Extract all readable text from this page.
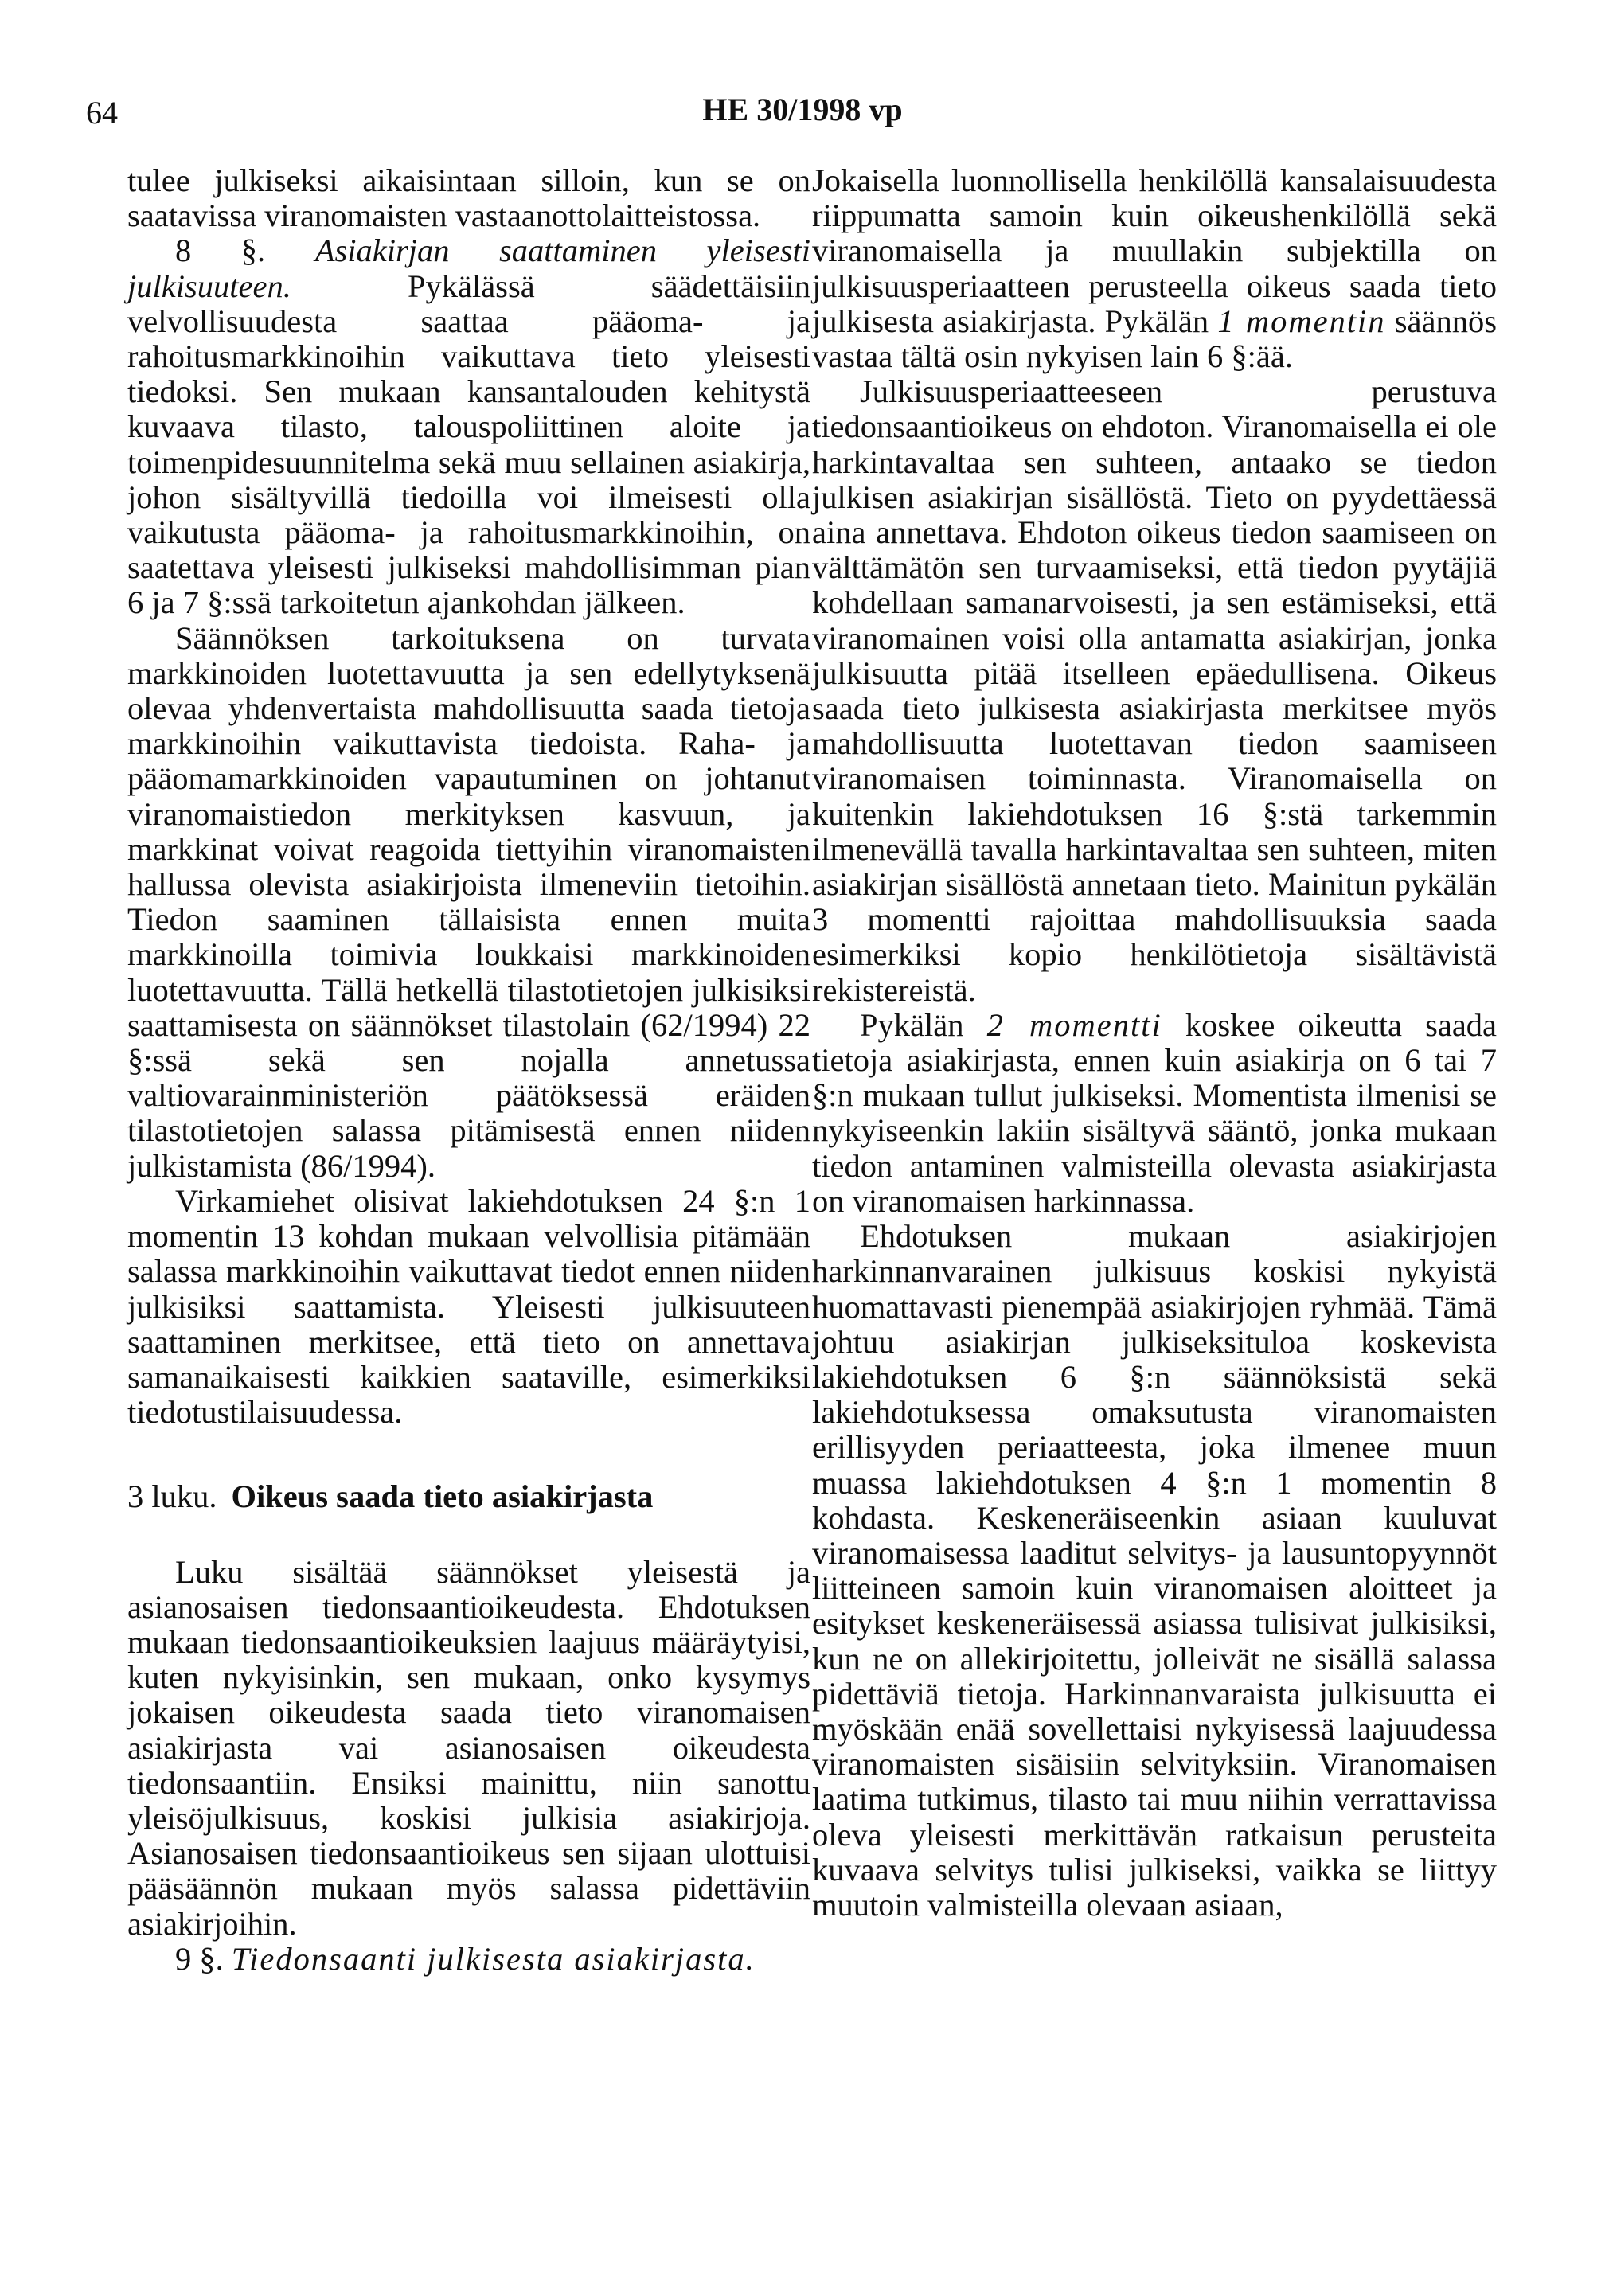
64	HE 30/1998 vp

tulee julkiseksi aikaisintaan silloin, kun se on saatavissa viranomaisten vastaanottolaitteistossa.

8 §. Asiakirjan saattaminen yleisesti julkisuuteen.	Pykälässä säädettäisiin velvollisuudesta saattaa pääoma- ja rahoitusmarkkinoihin vaikuttava tieto yleisesti tiedoksi. Sen mukaan kansantalouden kehitystä kuvaava tilasto, talouspoliittinen aloite ja toimenpidesuunnitelma sekä muu sellainen asiakirja, johon sisältyvillä tiedoilla voi ilmeisesti olla vaikutusta pääoma- ja rahoitusmarkkinoihin, on saatettava yleisesti julkiseksi mahdollisimman pian 6 ja 7 §:ssä tarkoitetun ajankohdan jälkeen.

Säännöksen tarkoituksena on turvata markkinoiden luotettavuutta ja sen edellytyksenä olevaa yhdenvertaista mahdollisuutta saada tietoja markkinoihin vaikuttavista tiedoista. Raha- ja pääomamarkkinoiden vapautuminen on johtanut viranomaistiedon merkityksen kasvuun, ja markkinat voivat reagoida tiettyihin viranomaisten hallussa olevista asiakirjoista ilmeneviin tietoihin. Tiedon saaminen tällaisista ennen muita markkinoilla toimivia loukkaisi markkinoiden luotettavuutta. Tällä hetkellä tilastotietojen julkisiksi saattamisesta on säännökset tilastolain (62/1994) 22 §:ssä sekä sen nojalla annetussa valtiovarainministeriön päätöksessä eräiden tilastotietojen salassa pitämisestä ennen niiden julkistamista (86/1994).

Virkamiehet olisivat lakiehdotuksen 24 §:n 1 momentin 13 kohdan mukaan velvollisia pitämään salassa markkinoihin vaikuttavat tiedot ennen niiden julkisiksi saattamista. Yleisesti julkisuuteen saattaminen merkitsee, että tieto on annettava samanaikaisesti kaikkien saataville, esimerkiksi tiedotustilaisuudessa.

3 luku. Oikeus saada tieto asiakirjasta

Luku sisältää säännökset yleisestä ja asianosaisen tiedonsaantioikeudesta. Ehdotuksen mukaan tiedonsaantioikeuksien laajuus määräytyisi, kuten nykyisinkin, sen mukaan, onko kysymys jokaisen oikeudesta saada tieto viranomaisen asiakirjasta vai asianosaisen oikeudesta tiedonsaantiin. Ensiksi mainittu, niin sanottu yleisöjulkisuus, koskisi julkisia asiakirjoja. Asianosaisen tiedonsaantioikeus sen sijaan ulottuisi pääsäännön mukaan myös salassa pidettäviin asiakirjoihin.

9 §. Tiedonsaanti julkisesta asiakirjasta.

Jokaisella luonnollisella henkilöllä kansalaisuudesta riippumatta samoin kuin oikeushenkilöllä sekä viranomaisella ja muullakin subjektilla on julkisuusperiaatteen perusteella oikeus saada tieto julkisesta asiakirjasta. Pykälän 1 momentin säännös vastaa tältä osin nykyisen lain 6 §:ää.

Julkisuusperiaatteeseen perustuva tiedonsaantioikeus on ehdoton. Viranomaisella ei ole harkintavaltaa sen suhteen, antaako se tiedon julkisen asiakirjan sisällöstä. Tieto on pyydettäessä aina annettava. Ehdoton oikeus tiedon saamiseen on välttämätön sen turvaamiseksi, että tiedon pyytäjiä kohdellaan samanarvoisesti, ja sen estämiseksi, että viranomainen voisi olla antamatta asiakirjan, jonka julkisuutta pitää itselleen epäedullisena. Oikeus saada tieto julkisesta asiakirjasta merkitsee myös mahdollisuutta luotettavan tiedon saamiseen viranomaisen toiminnasta. Viranomaisella on kuitenkin lakiehdotuksen 16 §:stä tarkemmin ilmenevällä tavalla harkintavaltaa sen suhteen, miten asiakirjan sisällöstä annetaan tieto. Mainitun pykälän 3 momentti rajoittaa mahdollisuuksia saada esimerkiksi kopio henkilötietoja sisältävistä rekistereistä.

Pykälän 2 momentti koskee oikeutta saada tietoja asiakirjasta, ennen kuin asiakirja on 6 tai 7 §:n mukaan tullut julkiseksi. Momentista ilmenisi se nykyiseenkin lakiin sisältyvä sääntö, jonka mukaan tiedon antaminen valmisteilla olevasta asiakirjasta on viranomaisen harkinnassa.

Ehdotuksen mukaan asiakirjojen harkinnanvarainen julkisuus koskisi nykyistä huomattavasti pienempää asiakirjojen ryhmää. Tämä johtuu asiakirjan julkiseksituloa koskevista lakiehdotuksen 6 §:n säännöksistä sekä lakiehdotuksessa omaksutusta viranomaisten erillisyyden periaatteesta, joka ilmenee muun muassa lakiehdotuksen 4 §:n 1 momentin 8 kohdasta. Keskeneräiseenkin asiaan kuuluvat viranomaisessa laaditut selvitys- ja lausuntopyynnöt liitteineen samoin kuin viranomaisen aloitteet ja esitykset keskeneräisessä asiassa tulisivat julkisiksi, kun ne on allekirjoitettu, jolleivät ne sisällä salassa pidettäviä tietoja. Harkinnanvaraista julkisuutta ei myöskään enää sovellettaisi nykyisessä laajuudessa viranomaisten sisäisiin selvityksiin. Viranomaisen laatima tutkimus, tilasto tai muu niihin verrattavissa oleva yleisesti merkittävän ratkaisun perusteita kuvaava selvitys tulisi julkiseksi, vaikka se liittyy muutoin valmisteilla olevaan asiaan,
